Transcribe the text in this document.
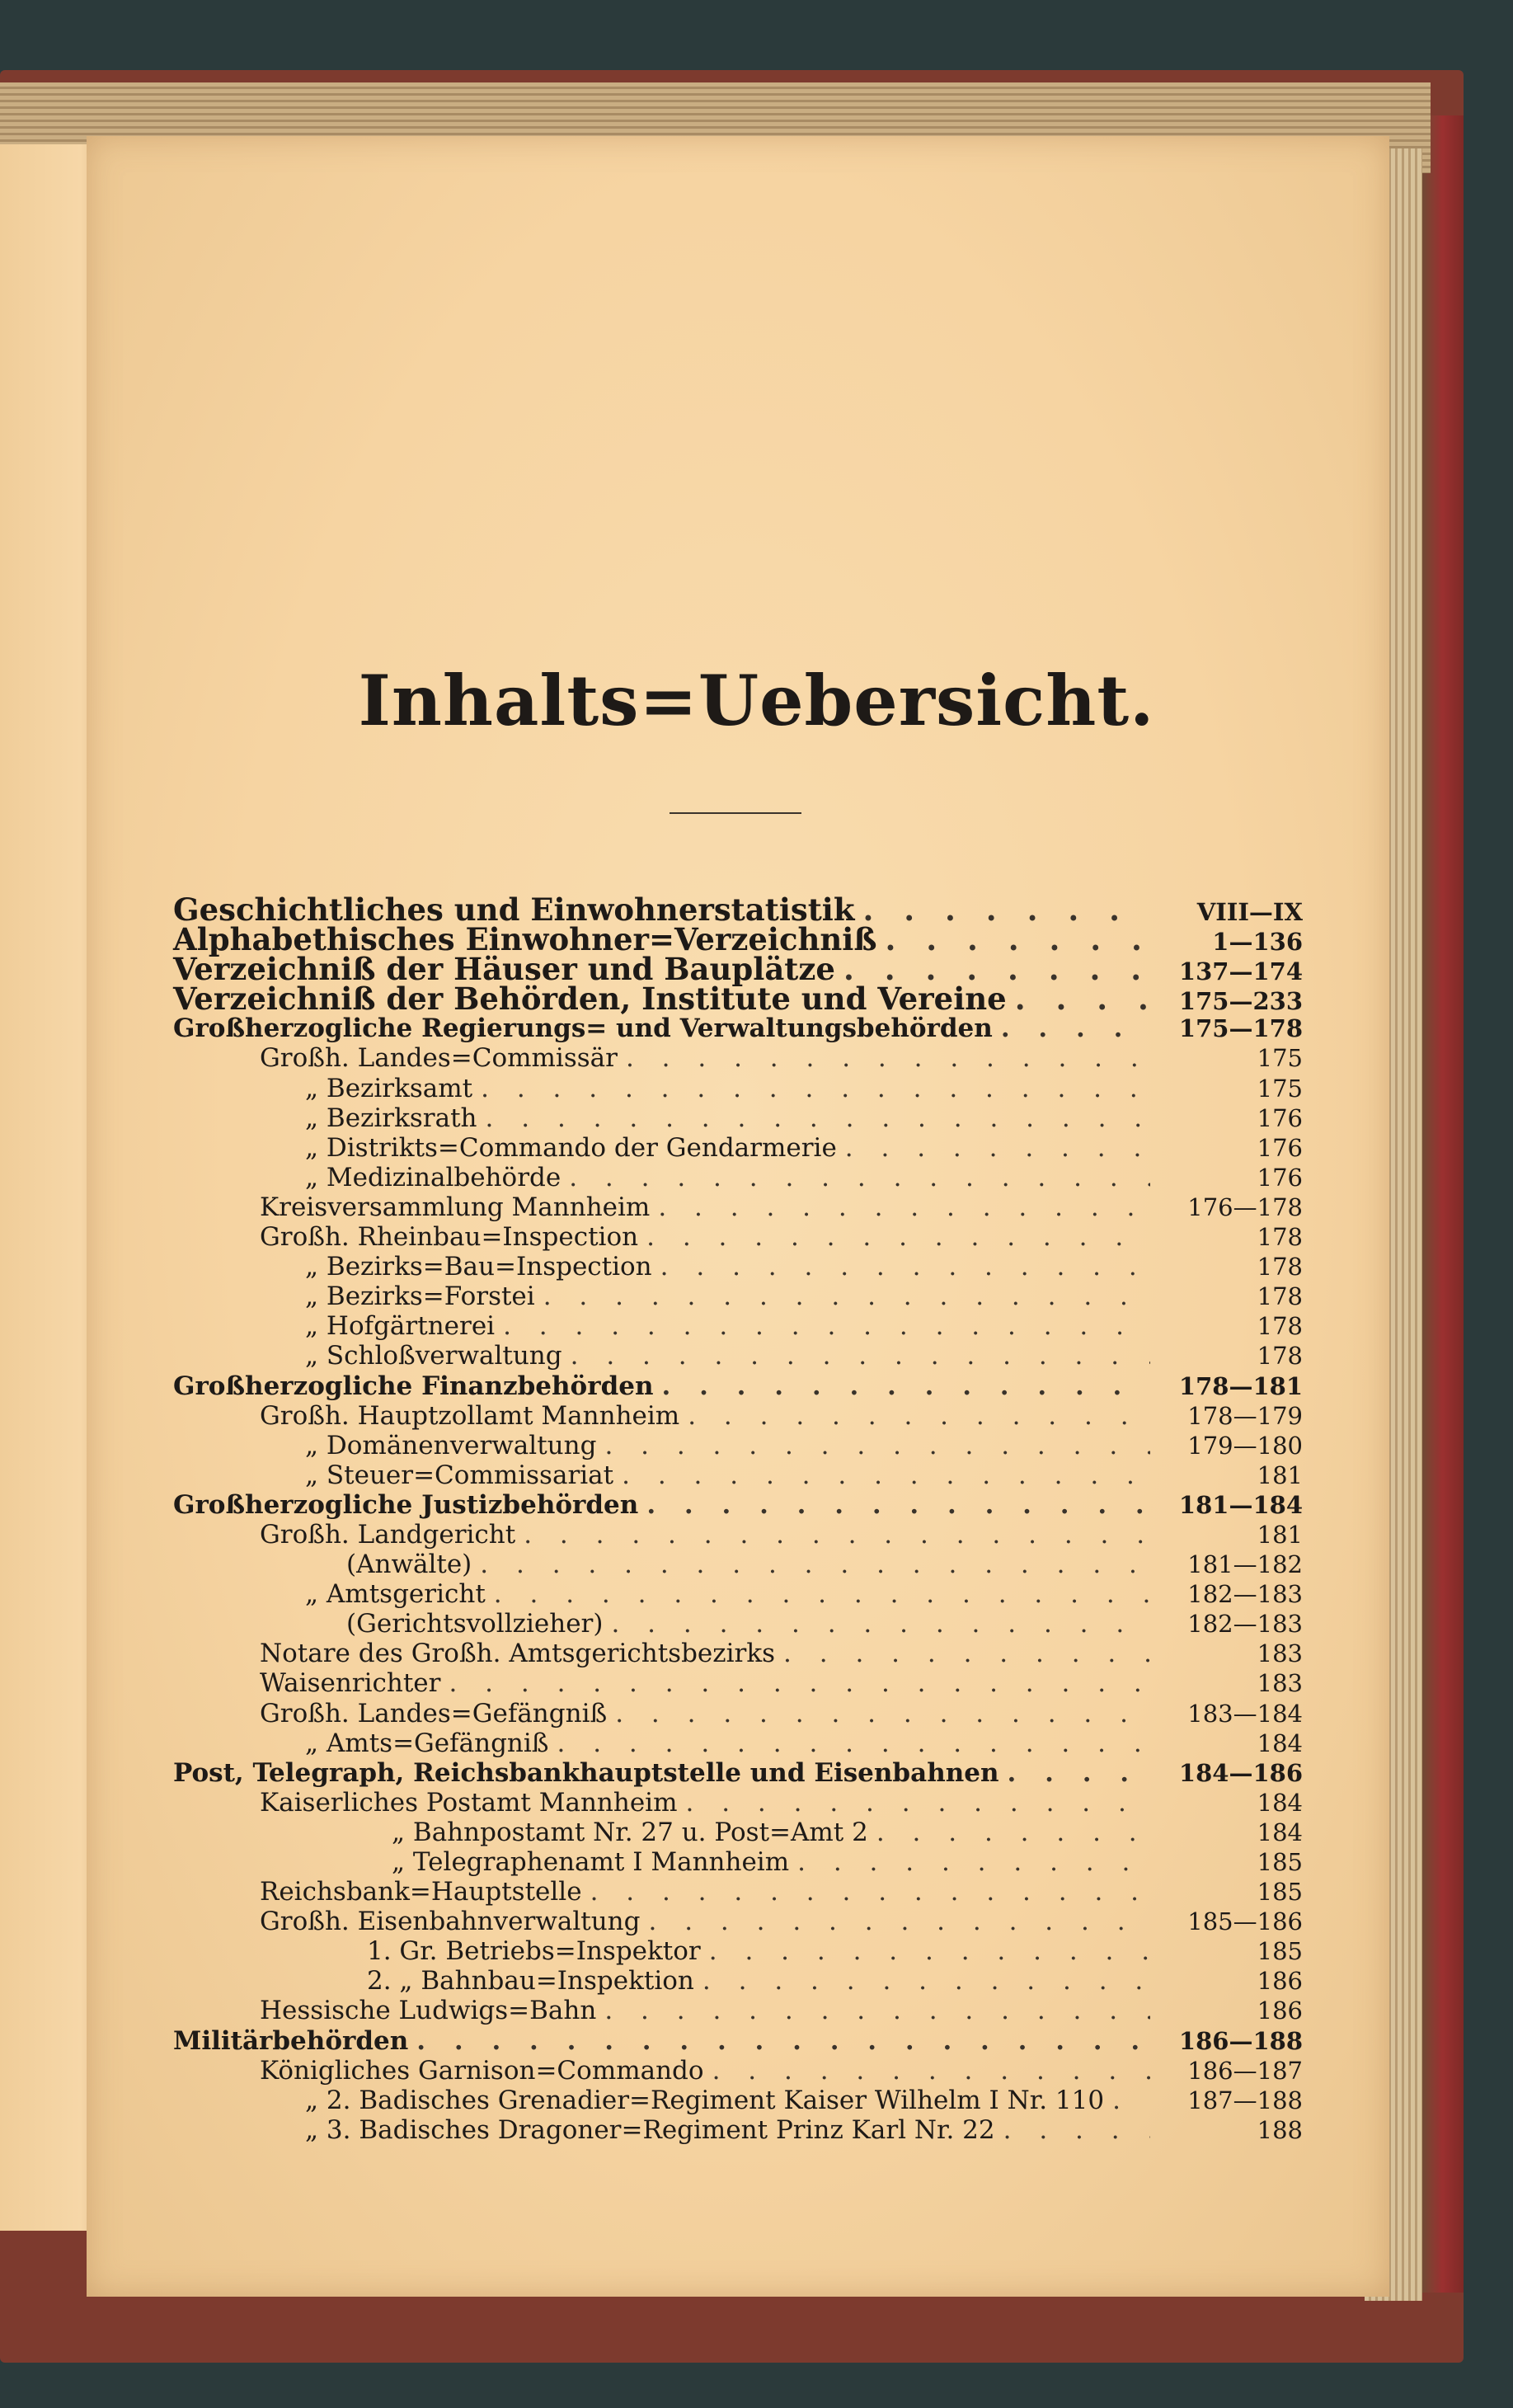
Inhalts=Uebersicht.
Geschichtliches und Einwohnerstatistik . . .	VIII—IX
Alphabethisches Einwohner=Verzeichniß . . .	1—136
Verzeichniß der Häuser und Bauplätze . . .	137—174
Verzeichniß der Behörden, Institute und Vereine . . .	175—233
Großherzogliche Regierungs= und Verwaltungsbehörden . . .	175—178
Großh. Landes=Commissär . . .	175
„ Bezirksamt . . .	175
„ Bezirksrath . . .	176
„ Distrikts=Commando der Gendarmerie . . .	176
„ Medizinalbehörde . . .	176
Kreisversammlung Mannheim . . .	176—178
Großh. Rheinbau=Inspection . . .	178
„ Bezirks=Bau=Inspection . . .	178
„ Bezirks=Forstei . . .	178
„ Hofgärtnerei . . .	178
„ Schloßverwaltung . . .	178
Großherzogliche Finanzbehörden . . .	178—181
Großh. Hauptzollamt Mannheim . . .	178—179
„ Domänenverwaltung . . .	179—180
„ Steuer=Commissariat . . .	181
Großherzogliche Justizbehörden . . .	181—184
Großh. Landgericht . . .	181
(Anwälte) . . .	181—182
„ Amtsgericht . . .	182—183
(Gerichtsvollzieher) . . .	182—183
Notare des Großh. Amtsgerichtsbezirks . . .	183
Waisenrichter . . .	183
Großh. Landes=Gefängniß . . .	183—184
„ Amts=Gefängniß . . .	184
Post, Telegraph, Reichsbankhauptstelle und Eisenbahnen . . .	184—186
Kaiserliches Postamt Mannheim . . .	184
„ Bahnpostamt Nr. 27 u. Post=Amt 2 . . .	184
„ Telegraphenamt I Mannheim . . .	185
Reichsbank=Hauptstelle . . .	185
Großh. Eisenbahnverwaltung . . .	185—186
1. Gr. Betriebs=Inspektor . . .	185
2. „ Bahnbau=Inspektion . . .	186
Hessische Ludwigs=Bahn . . .	186
Militärbehörden . . .	186—188
Königliches Garnison=Commando . . .	186—187
„ 2. Badisches Grenadier=Regiment Kaiser Wilhelm I Nr. 110 . . .	187—188
„ 3. Badisches Dragoner=Regiment Prinz Karl Nr. 22 . . .	188
